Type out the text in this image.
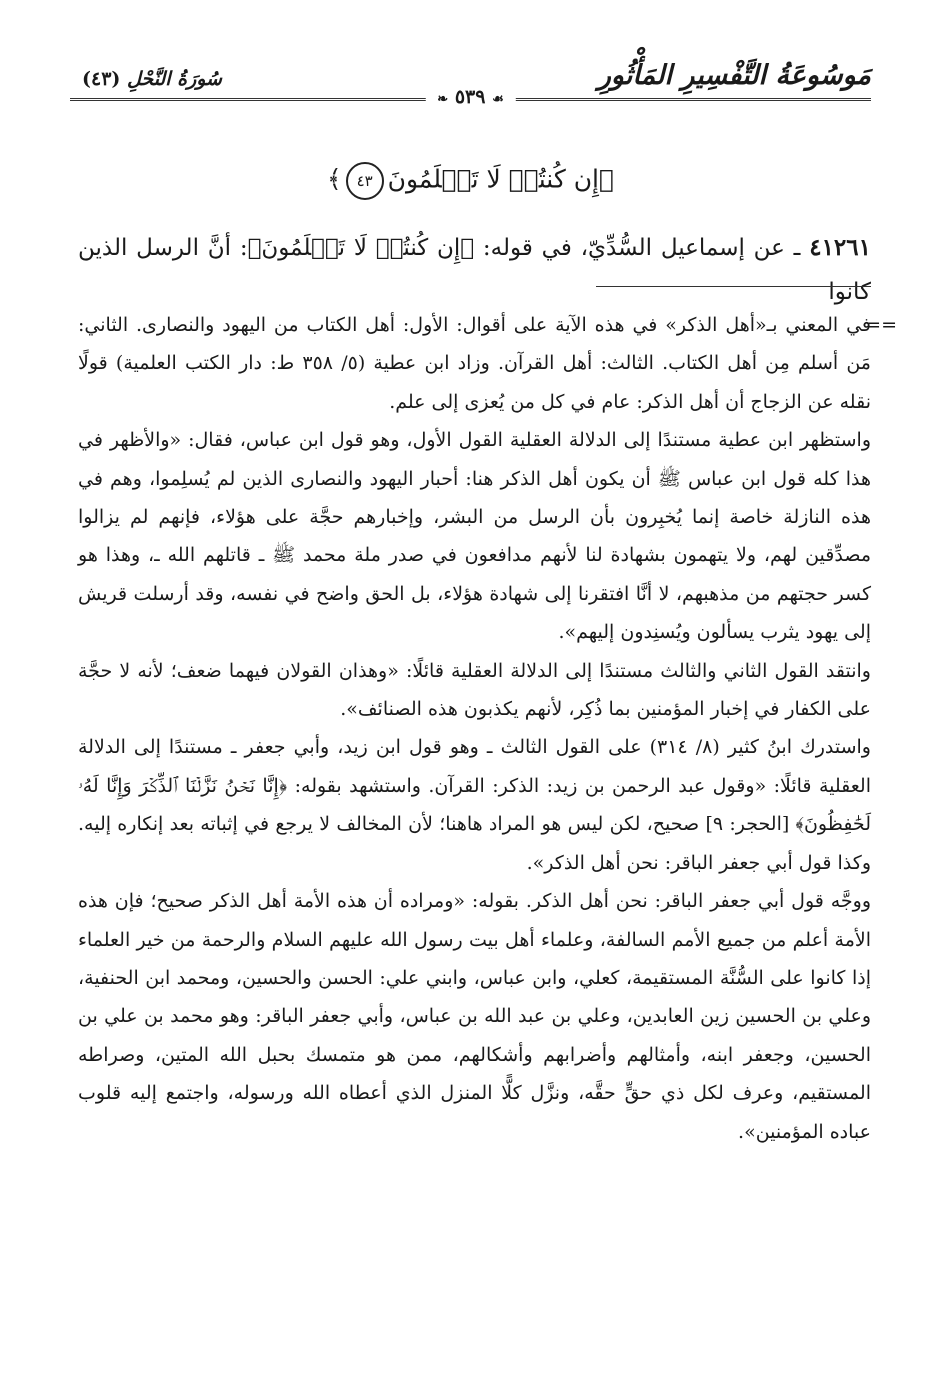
مَوسُوعَةُ التَّفْسِيرِ المَأْثُورِ
سُورَةُ النَّحْلِ (٤٣)
❧ ٥٣٩ ☙
﴿إِن كُنتُمۡ لَا تَعۡلَمُونَ٤٣﴾
٤١٢٦١ ـ عن إسماعيل السُّدِّيّ، في قوله: ﴿إِن كُنتُمۡ لَا تَعۡلَمُونَ﴾: أنَّ الرسل الذين كانوا
==

في المعني بـ«أهل الذكر» في هذه الآية على أقوال: الأول: أهل الكتاب من اليهود والنصارى. الثاني: مَن أسلم مِن أهل الكتاب. الثالث: أهل القرآن. وزاد ابن عطية (٥/ ٣٥٨ ط: دار الكتب العلمية) قولًا نقله عن الزجاج أن أهل الذكر: عام في كل من يُعزى إلى علم.

واستظهر ابن عطية مستندًا إلى الدلالة العقلية القول الأول، وهو قول ابن عباس، فقال: «والأظهر في هذا كله قول ابن عباس ﷺ أن يكون أهل الذكر هنا: أحبار اليهود والنصارى الذين لم يُسلِموا، وهم في هذه النازلة خاصة إنما يُخبِرون بأن الرسل من البشر، وإخبارهم حجَّة على هؤلاء، فإنهم لم يزالوا مصدِّقين لهم، ولا يتهمون بشهادة لنا لأنهم مدافعون في صدر ملة محمد ﷺ ـ قاتلهم الله ـ، وهذا هو كسر حجتهم من مذهبهم، لا أنَّا افتقرنا إلى شهادة هؤلاء، بل الحق واضح في نفسه، وقد أرسلت قريش إلى يهود يثرب يسألون ويُسنِدون إليهم».

وانتقد القول الثاني والثالث مستندًا إلى الدلالة العقلية قائلًا: «وهذان القولان فيهما ضعف؛ لأنه لا حجَّة على الكفار في إخبار المؤمنين بما ذُكِر، لأنهم يكذبون هذه الصنائف».

واستدرك ابنُ كثير (٨/ ٣١٤) على القول الثالث ـ وهو قول ابن زيد، وأبي جعفر ـ مستندًا إلى الدلالة العقلية قائلًا: «وقول عبد الرحمن بن زيد: الذكر: القرآن. واستشهد بقوله: ﴿إِنَّا نَحۡنُ نَزَّلۡنَا ٱلذِّكۡرَ وَإِنَّا لَهُۥ لَحَٰفِظُونَ﴾ [الحجر: ٩] صحيح، لكن ليس هو المراد هاهنا؛ لأن المخالف لا يرجع في إثباته بعد إنكاره إليه. وكذا قول أبي جعفر الباقر: نحن أهل الذكر».

ووجَّه قول أبي جعفر الباقر: نحن أهل الذكر. بقوله: «ومراده أن هذه الأمة أهل الذكر صحيح؛ فإن هذه الأمة أعلم من جميع الأمم السالفة، وعلماء أهل بيت رسول الله عليهم السلام والرحمة من خير العلماء إذا كانوا على السُّنَّة المستقيمة، كعلي، وابن عباس، وابني علي: الحسن والحسين، ومحمد ابن الحنفية، وعلي بن الحسين زين العابدين، وعلي بن عبد الله بن عباس، وأبي جعفر الباقر: وهو محمد بن علي بن الحسين، وجعفر ابنه، وأمثالهم وأضرابهم وأشكالهم، ممن هو متمسك بحبل الله المتين، وصراطه المستقيم، وعرف لكل ذي حقٍّ حقَّه، ونزَّل كلًّا المنزل الذي أعطاه الله ورسوله، واجتمع إليه قلوب عباده المؤمنين».
